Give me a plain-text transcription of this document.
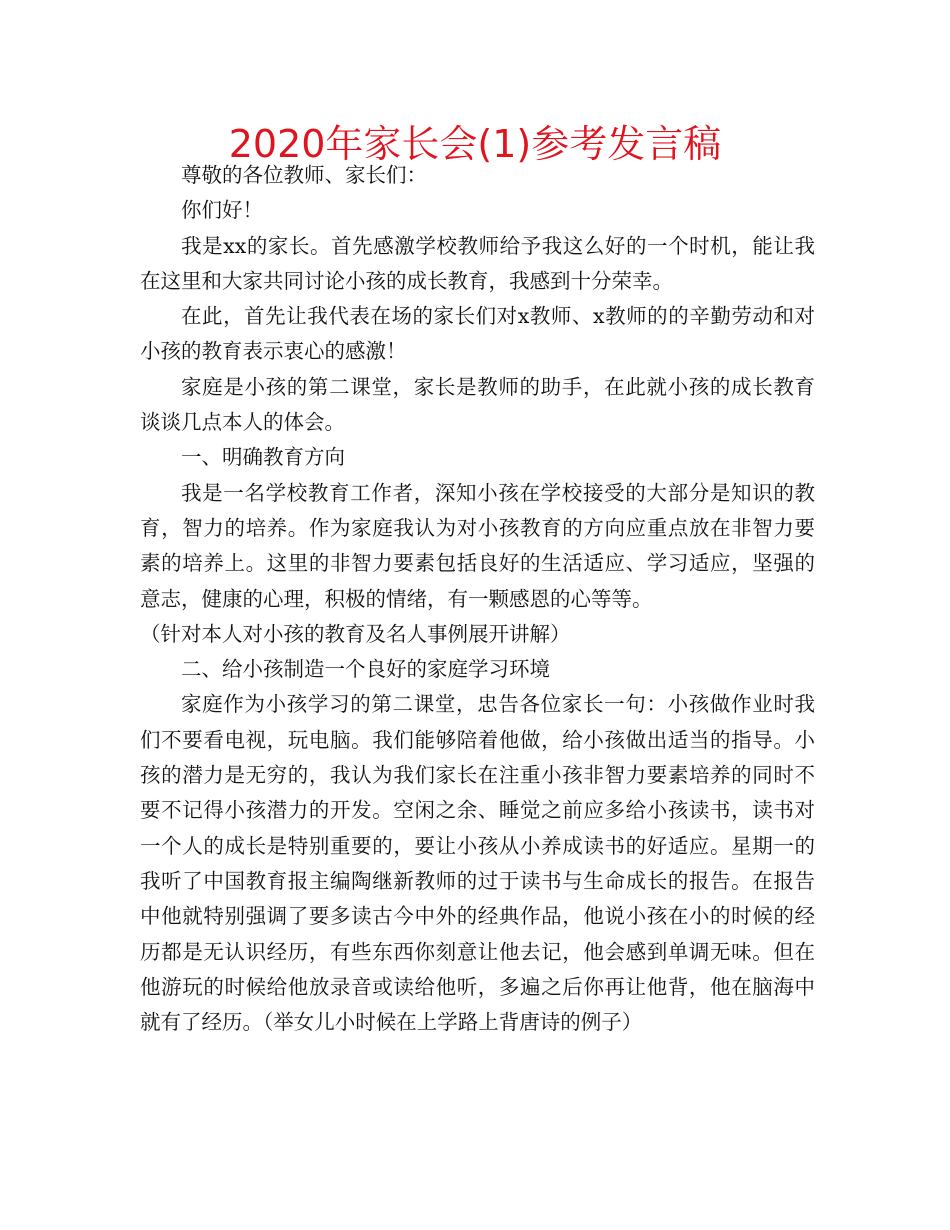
2020年家长会(1)参考发言稿

尊敬的各位教师、家长们：

你们好！

我是xx的家长。首先感激学校教师给予我这么好的一个时机，能让我在这里和大家共同讨论小孩的成长教育，我感到十分荣幸。

在此，首先让我代表在场的家长们对x教师、x教师的的辛勤劳动和对小孩的教育表示衷心的感激！

家庭是小孩的第二课堂，家长是教师的助手，在此就小孩的成长教育谈谈几点本人的体会。

一、明确教育方向

我是一名学校教育工作者，深知小孩在学校接受的大部分是知识的教育，智力的培养。作为家庭我认为对小孩教育的方向应重点放在非智力要素的培养上。这里的非智力要素包括良好的生活适应、学习适应，坚强的意志，健康的心理，积极的情绪，有一颗感恩的心等等。

（针对本人对小孩的教育及名人事例展开讲解）

二、给小孩制造一个良好的家庭学习环境

家庭作为小孩学习的第二课堂，忠告各位家长一句：小孩做作业时我们不要看电视，玩电脑。我们能够陪着他做，给小孩做出适当的指导。小孩的潜力是无穷的，我认为我们家长在注重小孩非智力要素培养的同时不要不记得小孩潜力的开发。空闲之余、睡觉之前应多给小孩读书，读书对一个人的成长是特别重要的，要让小孩从小养成读书的好适应。星期一的我听了中国教育报主编陶继新教师的过于读书与生命成长的报告。在报告中他就特别强调了要多读古今中外的经典作品，他说小孩在小的时候的经历都是无认识经历，有些东西你刻意让他去记，他会感到单调无味。但在他游玩的时候给他放录音或读给他听，多遍之后你再让他背，他在脑海中就有了经历。（举女儿小时候在上学路上背唐诗的例子）
